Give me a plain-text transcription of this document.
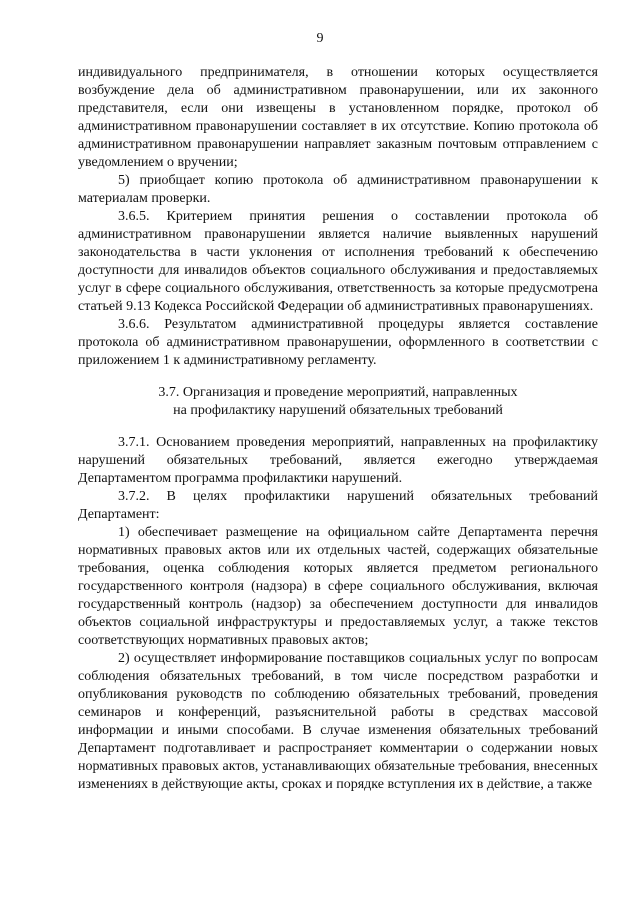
9

индивидуального предпринимателя, в отношении которых осуществляется возбуждение дела об административном правонарушении, или их законного представителя, если они извещены в установленном порядке, протокол об административном правонарушении составляет в их отсутствие. Копию протокола об административном правонарушении направляет заказным почтовым отправлением с уведомлением о вручении;

5) приобщает копию протокола об административном правонарушении к материалам проверки.

3.6.5. Критерием принятия решения о составлении протокола об административном правонарушении является наличие выявленных нарушений законодательства в части уклонения от исполнения требований к обеспечению доступности для инвалидов объектов социального обслуживания и предоставляемых услуг в сфере социального обслуживания, ответственность за которые предусмотрена статьей 9.13 Кодекса Российской Федерации об административных правонарушениях.

3.6.6. Результатом административной процедуры является составление протокола об административном правонарушении, оформленного в соответствии с приложением 1 к административному регламенту.

3.7. Организация и проведение мероприятий, направленных
на профилактику нарушений обязательных требований

3.7.1. Основанием проведения мероприятий, направленных на профилактику нарушений обязательных требований, является ежегодно утверждаемая Департаментом программа профилактики нарушений.

3.7.2. В целях профилактики нарушений обязательных требований Департамент:

1) обеспечивает размещение на официальном сайте Департамента перечня нормативных правовых актов или их отдельных частей, содержащих обязательные требования, оценка соблюдения которых является предметом регионального государственного контроля (надзора) в сфере социального обслуживания, включая государственный контроль (надзор) за обеспечением доступности для инвалидов объектов социальной инфраструктуры и предоставляемых услуг, а также текстов соответствующих нормативных правовых актов;

2) осуществляет информирование поставщиков социальных услуг по вопросам соблюдения обязательных требований, в том числе посредством разработки и опубликования руководств по соблюдению обязательных требований, проведения семинаров и конференций, разъяснительной работы в средствах массовой информации и иными способами. В случае изменения обязательных требований Департамент подготавливает и распространяет комментарии о содержании новых нормативных правовых актов, устанавливающих обязательные требования, внесенных изменениях в действующие акты, сроках и порядке вступления их в действие, а также
